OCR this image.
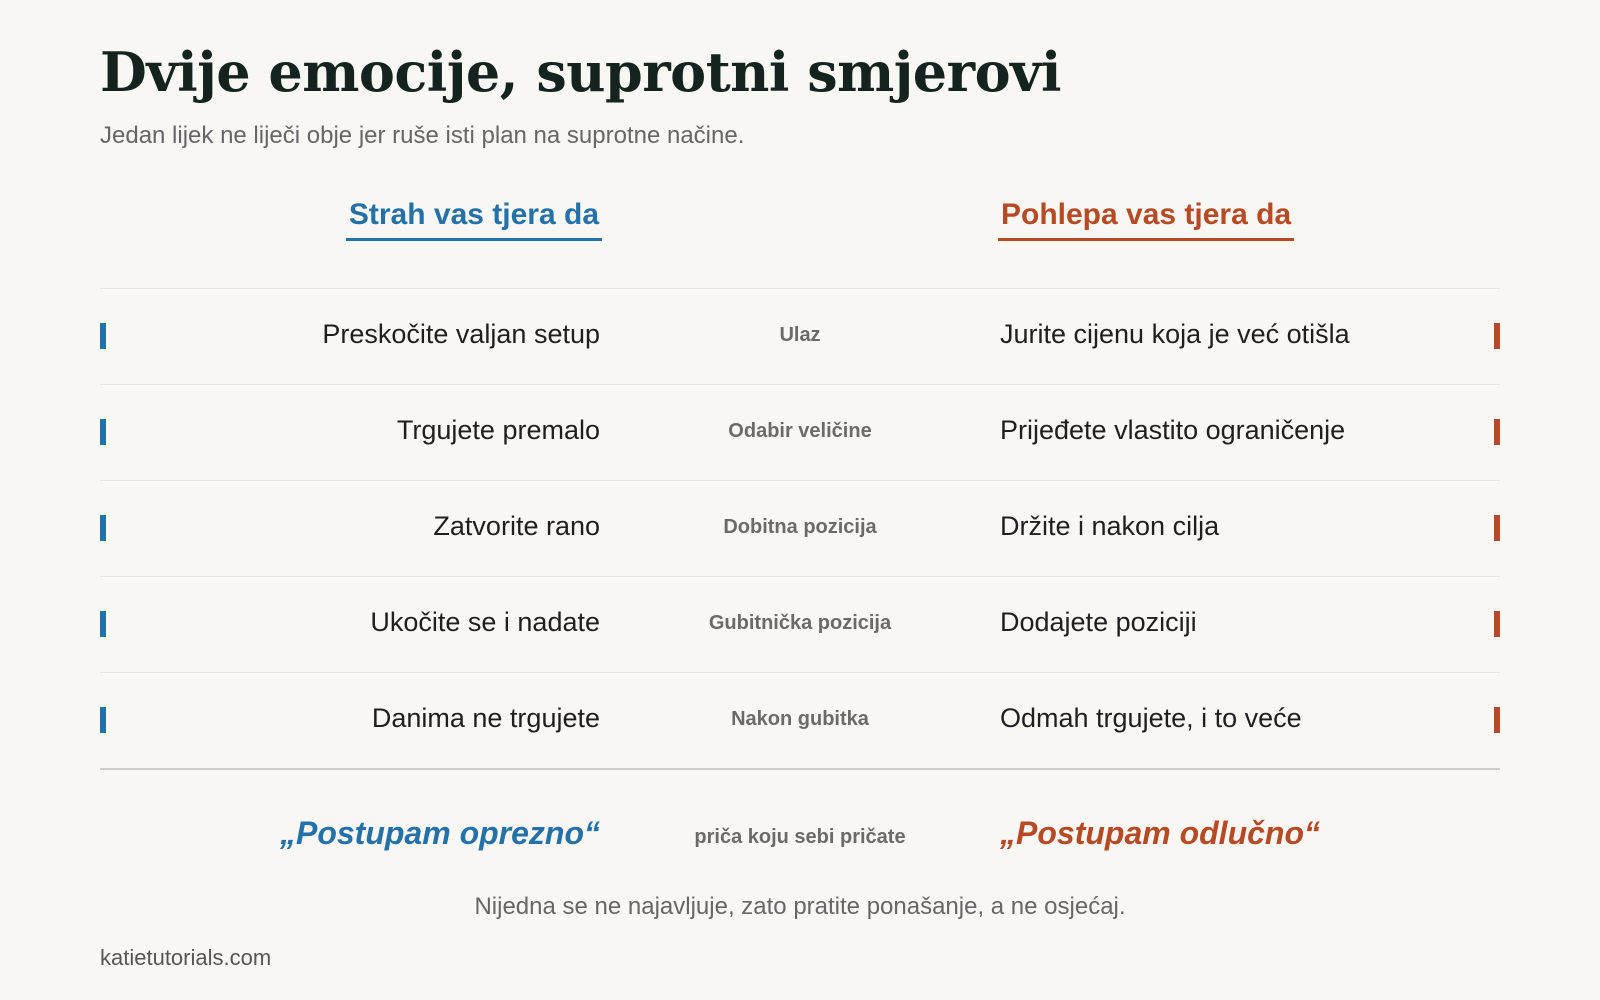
Dvije emocije, suprotni smjerovi

Jedan lijek ne liječi obje jer ruše isti plan na suprotne načine.

Strah vas tjera da	Pohlepa vas tjera da
Preskočite valjan setup	Ulaz	Jurite cijenu koja je već otišla
Trgujete premalo	Odabir veličine	Prijeđete vlastito ograničenje
Zatvorite rano	Dobitna pozicija	Držite i nakon cilja
Ukočite se i nadate	Gubitnička pozicija	Dodajete poziciji
Danima ne trgujete	Nakon gubitka	Odmah trgujete, i to veće
„Postupam oprezno“	priča koju sebi pričate	„Postupam odlučno“
Nijedna se ne najavljuje, zato pratite ponašanje, a ne osjećaj.
katietutorials.com
